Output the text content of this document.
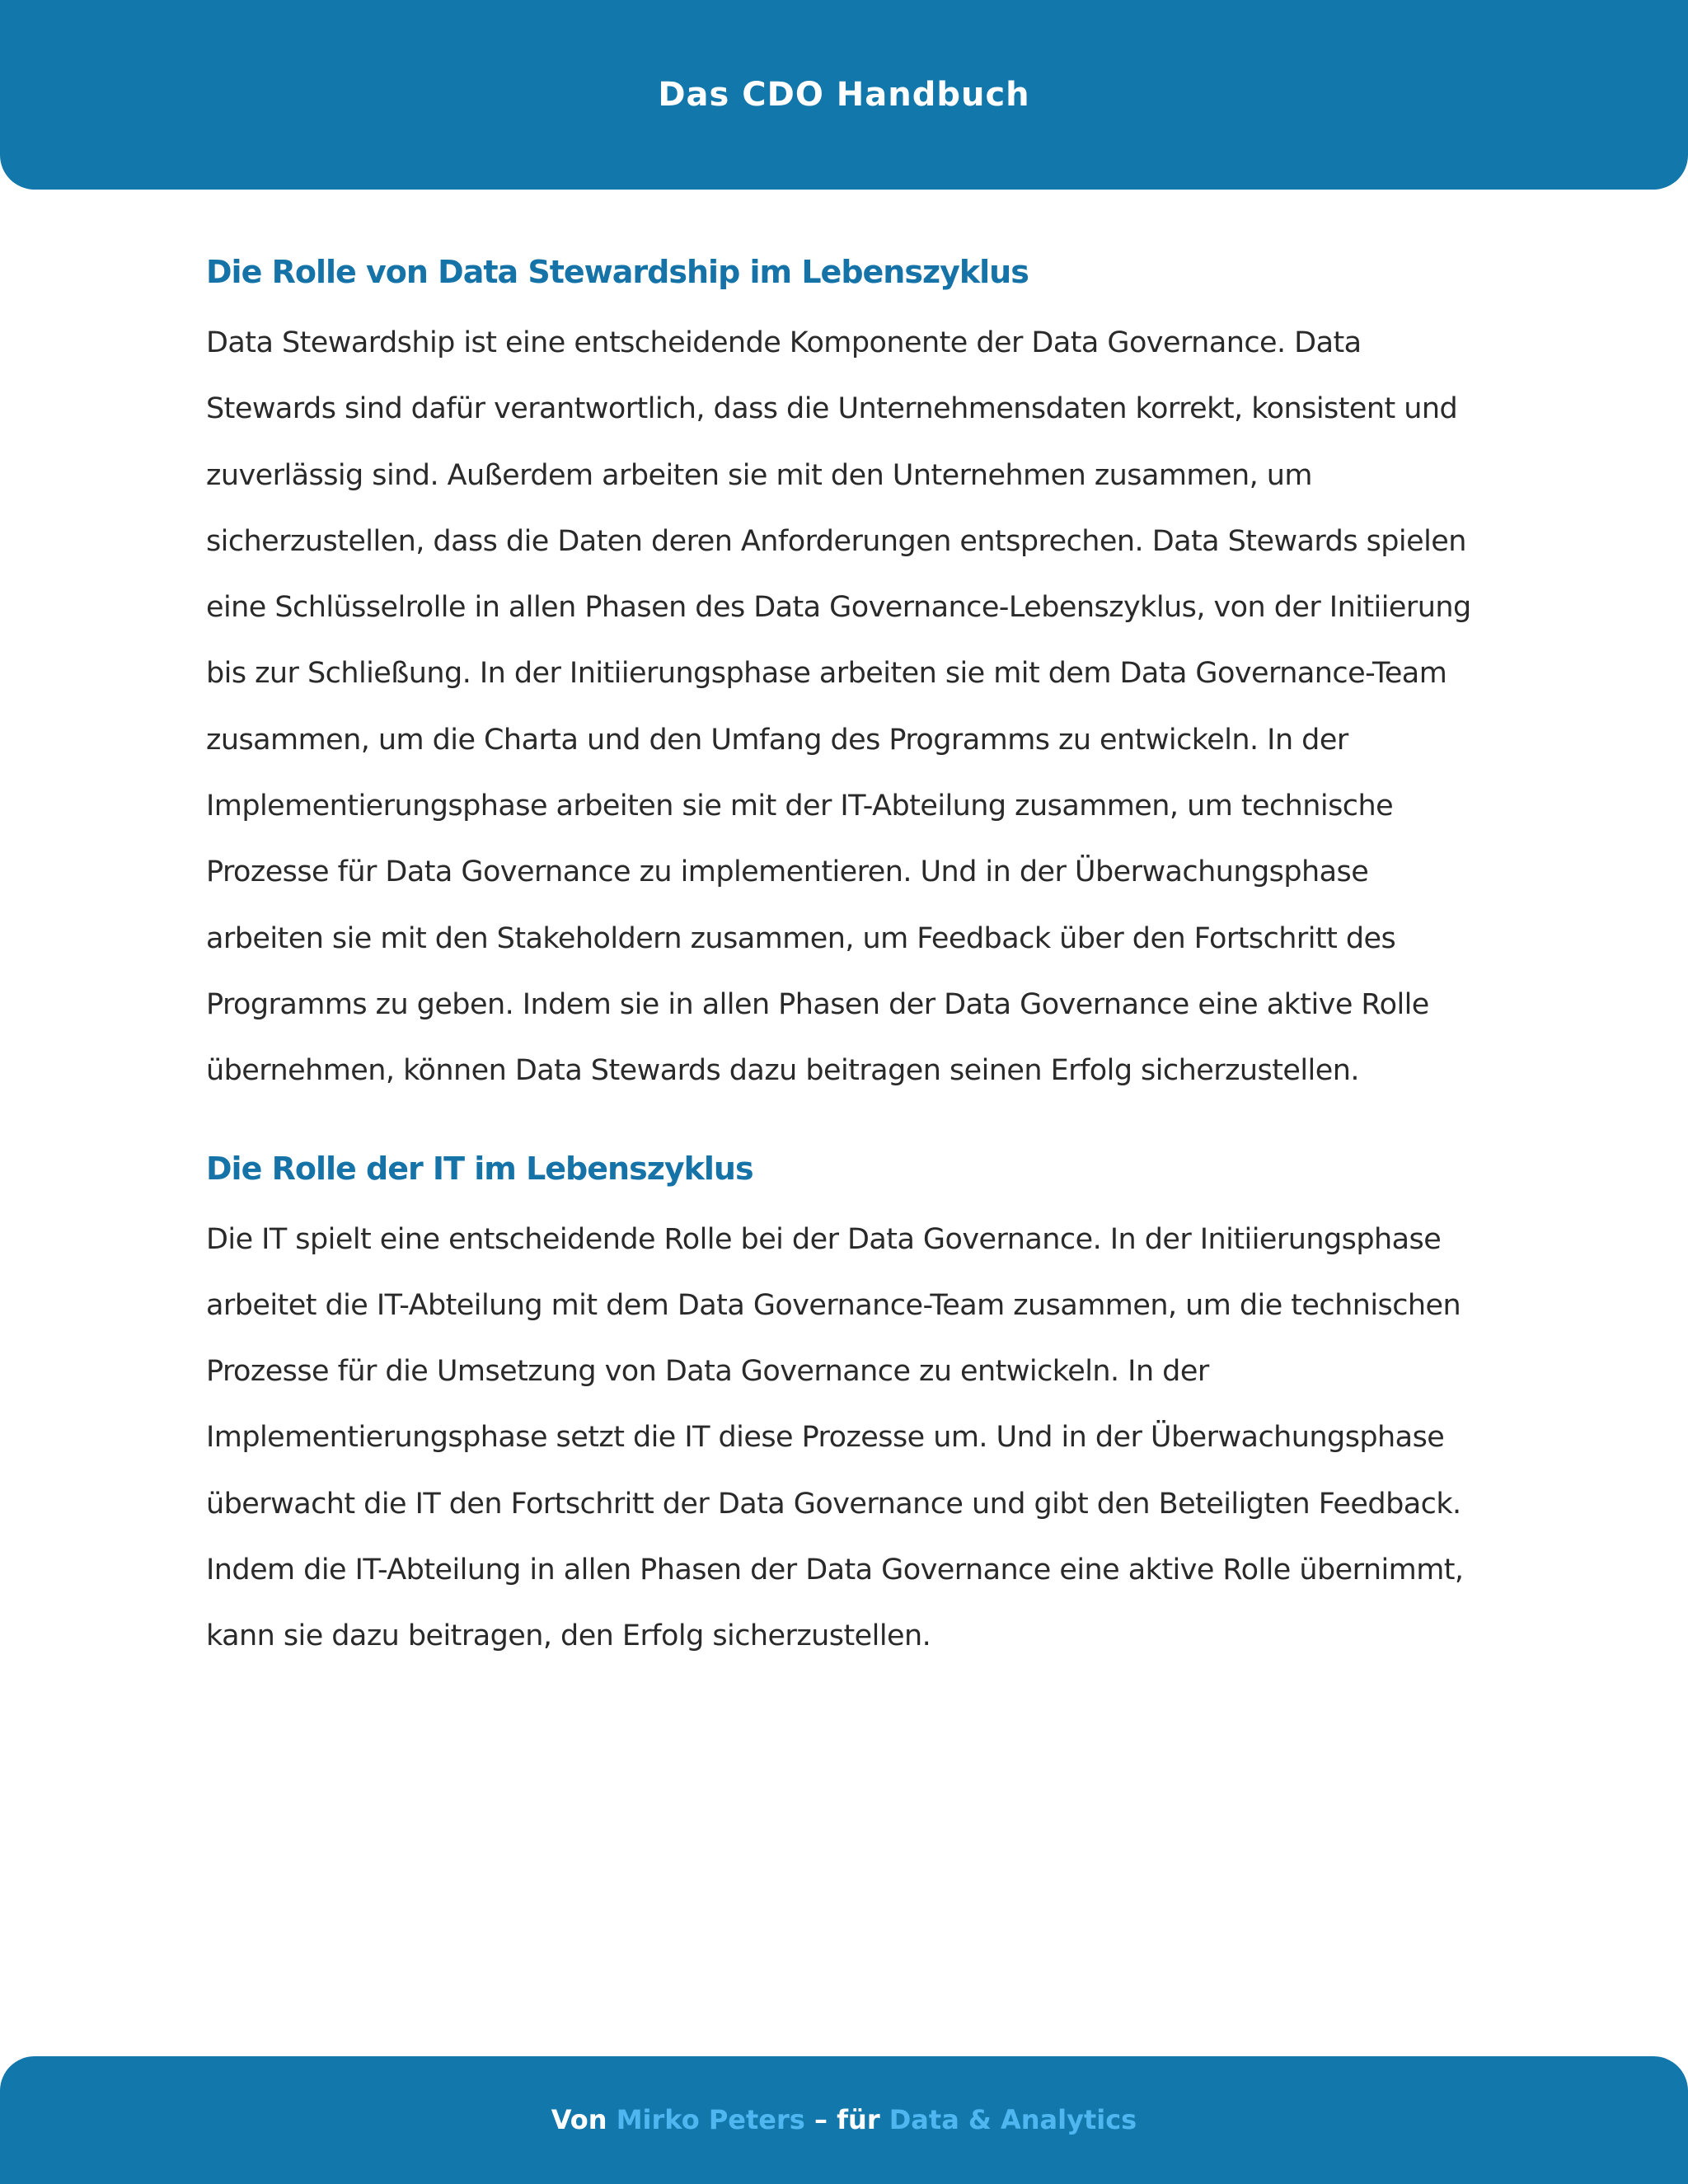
Das CDO Handbuch
Die Rolle von Data Stewardship im Lebenszyklus

Data Stewardship ist eine entscheidende Komponente der Data Governance. Data Stewards sind dafür verantwortlich, dass die Unternehmensdaten korrekt, konsistent und zuverlässig sind. Außerdem arbeiten sie mit den Unternehmen zusammen, um sicherzustellen, dass die Daten deren Anforderungen entsprechen. Data Stewards spielen eine Schlüsselrolle in allen Phasen des Data Governance-Lebenszyklus, von der Initiierung bis zur Schließung. In der Initiierungsphase arbeiten sie mit dem Data Governance-Team zusammen, um die Charta und den Umfang des Programms zu entwickeln. In der Implementierungsphase arbeiten sie mit der IT-Abteilung zusammen, um technische Prozesse für Data Governance zu implementieren. Und in der Überwachungsphase arbeiten sie mit den Stakeholdern zusammen, um Feedback über den Fortschritt des Programms zu geben. Indem sie in allen Phasen der Data Governance eine aktive Rolle übernehmen, können Data Stewards dazu beitragen seinen Erfolg sicherzustellen.

Die Rolle der IT im Lebenszyklus

Die IT spielt eine entscheidende Rolle bei der Data Governance. In der Initiierungsphase arbeitet die IT-Abteilung mit dem Data Governance-Team zusammen, um die technischen Prozesse für die Umsetzung von Data Governance zu entwickeln. In der Implementierungsphase setzt die IT diese Prozesse um. Und in der Überwachungsphase überwacht die IT den Fortschritt der Data Governance und gibt den Beteiligten Feedback. Indem die IT-Abteilung in allen Phasen der Data Governance eine aktive Rolle übernimmt, kann sie dazu beitragen, den Erfolg sicherzustellen.

Von Mirko Peters – für Data & Analytics
